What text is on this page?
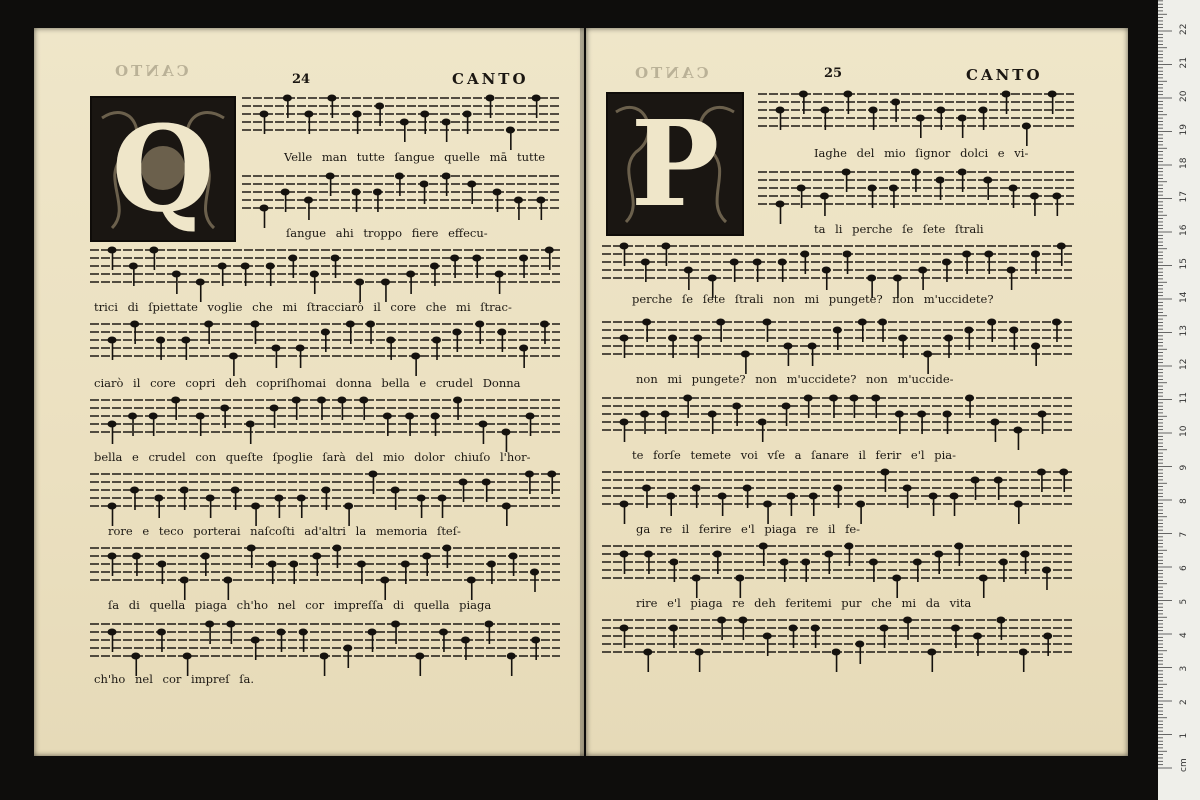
CANTO	24	CANTO
Q	Velle man tutte ſangue quelle mā tutte
ſangue ahi troppo fiere effecu-
trici di ſpiettate voglie che mi ſtracciarò il core che mi ſtrac-
ciarò il core copri deh copriſhomai donna bella e crudel Donna
bella e crudel con queſte ſpoglie ſarà del mio dolor chiuſo l'hor-
rore e teco porterai naſcoſti ad'altri la memoria ſteſ-
ſa di quella piaga ch'ho nel cor impreſſa di quella piaga
ch'ho nel cor impreſ ſa.
CANTO	25	CANTO
P	Iaghe del mio ſignor dolci e vi-
ta li perche ſe ſete ſtrali
perche ſe ſete ſtrali non mi pungete? non m'uccidete?
non mi pungete? non m'uccidete? non m'uccide-
te forſe temete voi vſe a ſanare il ferir e'l pia-
ga re il ferire e'l piaga re il fe-
rire e'l piaga re deh feritemi pur che mi da vita
cm
1
2
3
4
5
6
7
8
9
10
11
12
13
14
15
16
17
18
19
20
21
22
